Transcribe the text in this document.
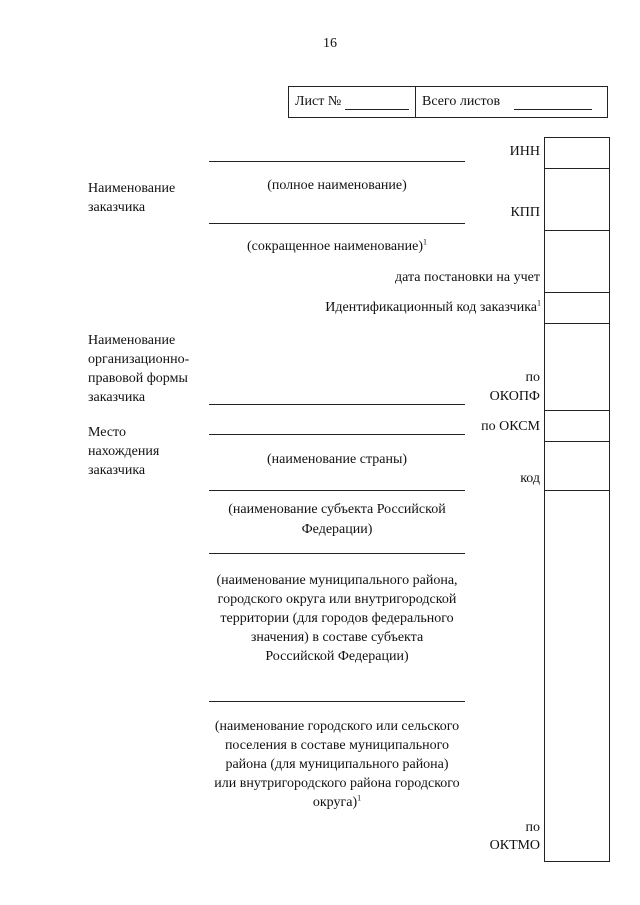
16
Лист №	Всего листов
Наименование заказчика
Наименование организационно-правовой формы заказчика
Место нахождения заказчика
(полное наименование)
(сокращенное наименование)$^1$
(наименование страны)
(наименование субъекта Российской Федерации)
(наименование муниципального района, городского округа или внутригородской территории (для городов федерального значения) в составе субъекта Российской Федерации)
(наименование городского или сельского поселения в составе муниципального района (для муниципального района) или внутригородского района городского округа)$^1$
ИНН
КПП
дата постановки на учет
Идентификационный код заказчика$^1$
по
ОКОПФ
по ОКСМ
код
по
ОКТМО
